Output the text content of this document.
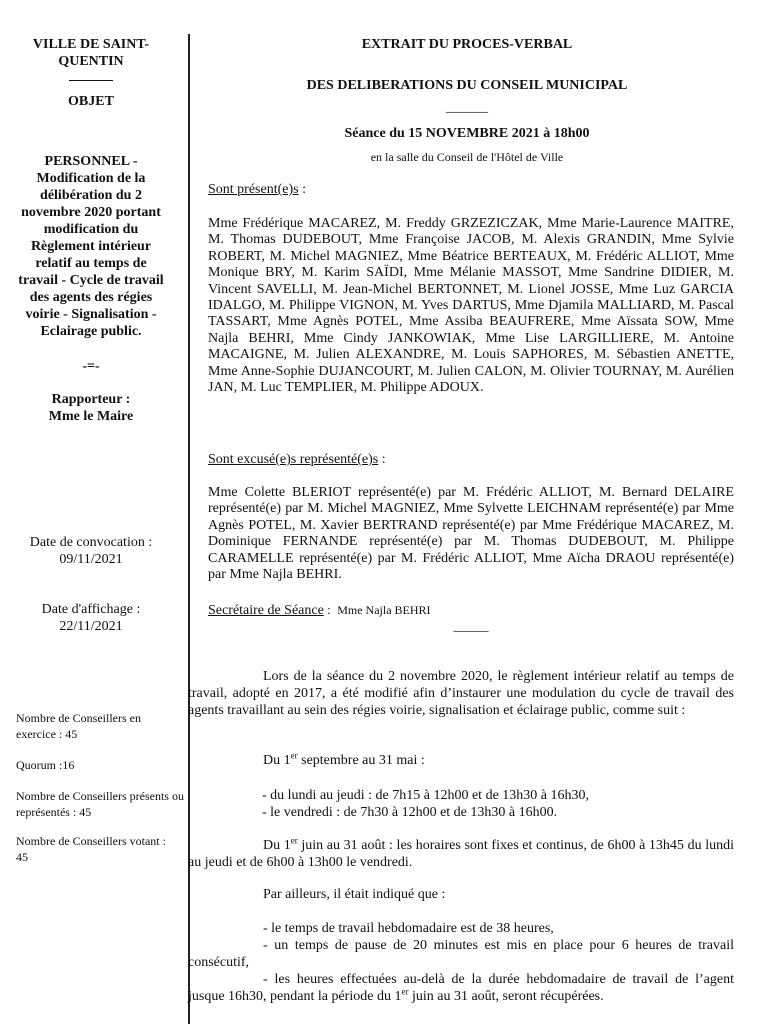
VILLE DE SAINT-QUENTIN
OBJET
PERSONNEL - Modification de la délibération du 2 novembre 2020 portant modification du Règlement intérieur relatif au temps de travail - Cycle de travail des agents des régies voirie - Signalisation - Eclairage public.
-=-
Rapporteur :
Mme le Maire
Date de convocation :
09/11/2021
Date d'affichage :
22/11/2021
Nombre de Conseillers en exercice : 45
Quorum :16
Nombre de Conseillers présents ou représentés : 45
Nombre de Conseillers votant : 45
EXTRAIT DU PROCES-VERBAL
DES DELIBERATIONS DU CONSEIL MUNICIPAL
______
Séance du 15 NOVEMBRE 2021 à 18h00
en la salle du Conseil de l'Hôtel de Ville
Sont présent(e)s :
Mme Frédérique MACAREZ, M. Freddy GRZEZICZAK, Mme Marie-Laurence MAITRE, M. Thomas DUDEBOUT, Mme Françoise JACOB, M. Alexis GRANDIN, Mme Sylvie ROBERT, M. Michel MAGNIEZ, Mme Béatrice BERTEAUX, M. Frédéric ALLIOT, Mme Monique BRY, M. Karim SAÏDI, Mme Mélanie MASSOT, Mme Sandrine DIDIER, M. Vincent SAVELLI, M. Jean-Michel BERTONNET, M. Lionel JOSSE, Mme Luz GARCIA IDALGO, M. Philippe VIGNON, M. Yves DARTUS, Mme Djamila MALLIARD, M. Pascal TASSART, Mme Agnès POTEL, Mme Assiba BEAUFRERE, Mme Aïssata SOW, Mme Najla BEHRI, Mme Cindy JANKOWIAK, Mme Lise LARGILLIERE, M. Antoine MACAIGNE, M. Julien ALEXANDRE, M. Louis SAPHORES, M. Sébastien ANETTE, Mme Anne-Sophie DUJANCOURT, M. Julien CALON, M. Olivier TOURNAY, M. Aurélien JAN, M. Luc TEMPLIER, M. Philippe ADOUX.
Sont excusé(e)s représenté(e)s :
Mme Colette BLERIOT représenté(e) par M. Frédéric ALLIOT, M. Bernard DELAIRE représenté(e) par M. Michel MAGNIEZ, Mme Sylvette LEICHNAM représenté(e) par Mme Agnès POTEL, M. Xavier BERTRAND représenté(e) par Mme Frédérique MACAREZ, M. Dominique FERNANDE représenté(e) par M. Thomas DUDEBOUT, M. Philippe CARAMELLE représenté(e) par M. Frédéric ALLIOT, Mme Aïcha DRAOU représenté(e) par Mme Najla BEHRI.
Secrétaire de Séance :  Mme Najla BEHRI
_____
Lors de la séance du 2 novembre 2020, le règlement intérieur relatif au temps de travail, adopté en 2017, a été modifié afin d’instaurer une modulation du cycle de travail des agents travaillant au sein des régies voirie, signalisation et éclairage public, comme suit :
Du 1er septembre au 31 mai :
- du lundi au jeudi : de 7h15 à 12h00 et de 13h30 à 16h30,
- le vendredi : de 7h30 à 12h00 et de 13h30 à 16h00.
Du 1er juin au 31 août : les horaires sont fixes et continus, de 6h00 à 13h45 du lundi au jeudi et de 6h00 à 13h00 le vendredi.
Par ailleurs, il était indiqué que :
- le temps de travail hebdomadaire est de 38 heures,
- un temps de pause de 20 minutes est mis en place pour 6 heures de travail consécutif,
- les heures effectuées au-delà de la durée hebdomadaire de travail de l’agent jusque 16h30, pendant la période du 1er juin au 31 août, seront récupérées.
